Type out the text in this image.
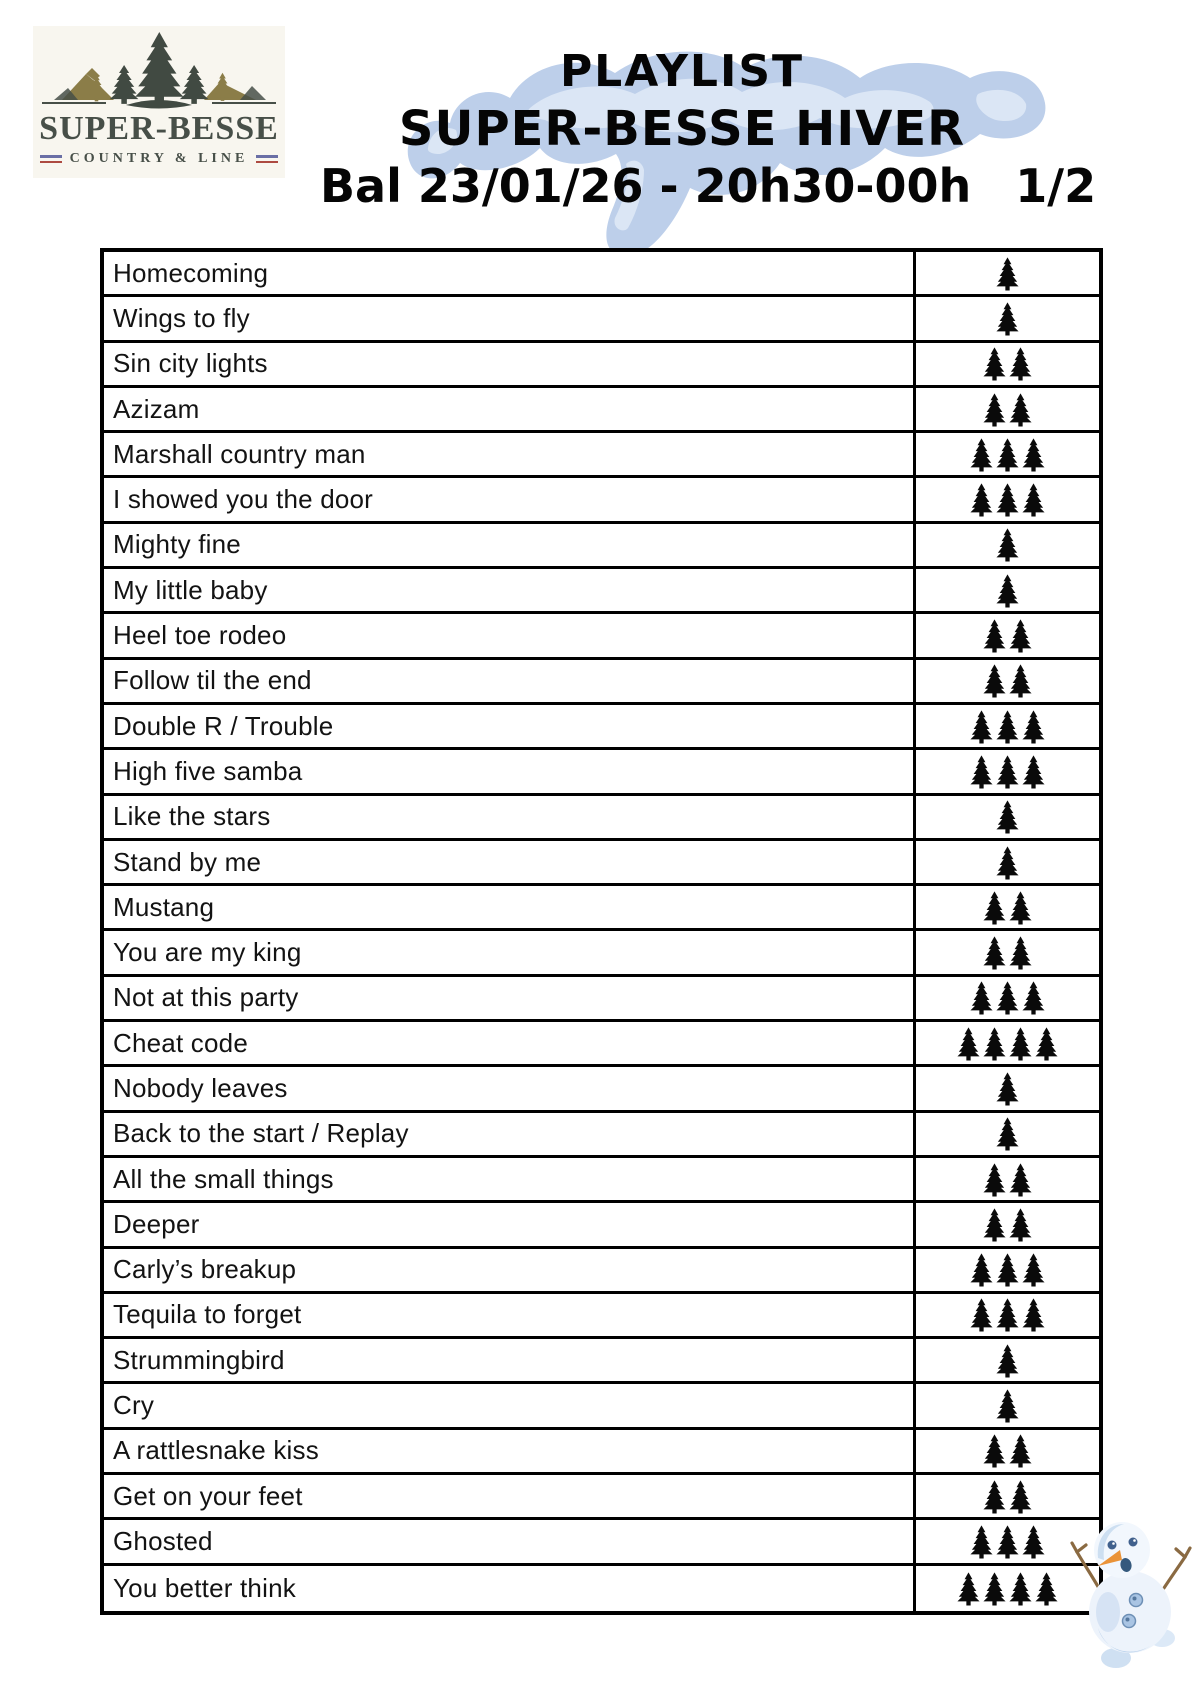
SUPER-BESSE
COUNTRY & LINE
PLAYLIST
SUPER-BESSE HIVER
Bal 23/01/26 - 20h30-00h 1/2
Homecoming
Wings to fly
Sin city lights
Azizam
Marshall country man
I showed you the door
Mighty fine
My little baby
Heel toe rodeo
Follow til the end
Double R / Trouble
High five samba
Like the stars
Stand by me
Mustang
You are my king
Not at this party
Cheat code
Nobody leaves
Back to the start / Replay
All the small things
Deeper
Carly’s breakup
Tequila to forget
Strummingbird
Cry
A rattlesnake kiss
Get on your feet
Ghosted
You better think
